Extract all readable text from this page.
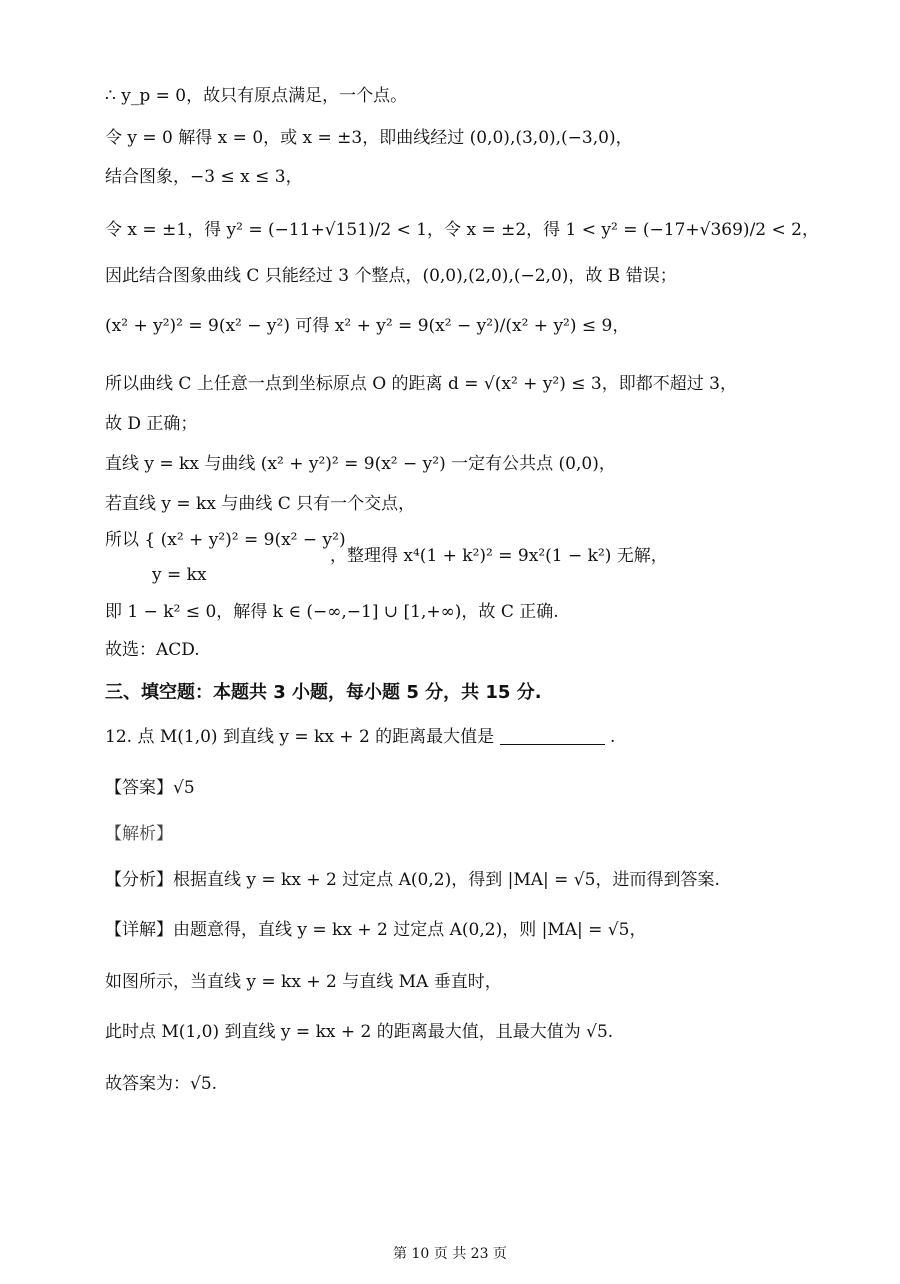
∴ y_p = 0，故只有原点满足，一个点。
令 y = 0 解得 x = 0，或 x = ±3，即曲线经过 (0,0),(3,0),(−3,0)，
结合图象，−3 ≤ x ≤ 3，
令 x = ±1，得 y² = (−11+√151)/2 < 1，令 x = ±2，得 1 < y² = (−17+√369)/2 < 2，
因此结合图象曲线 C 只能经过 3 个整点，(0,0),(2,0),(−2,0)，故 B 错误；
(x² + y²)² = 9(x² − y²) 可得 x² + y² = 9(x² − y²)/(x² + y²) ≤ 9，
所以曲线 C 上任意一点到坐标原点 O 的距离 d = √(x² + y²) ≤ 3，即都不超过 3，
故 D 正确；
直线 y = kx 与曲线 (x² + y²)² = 9(x² − y²) 一定有公共点 (0,0)，
若直线 y = kx 与曲线 C 只有一个交点，
所以 { (x² + y²)² = 9(x² − y²)
y = kx
，整理得 x⁴(1 + k²)² = 9x²(1 − k²) 无解，
即 1 − k² ≤ 0，解得 k ∈ (−∞,−1] ∪ [1,+∞)，故 C 正确.
故选：ACD.
三、填空题：本题共 3 小题，每小题 5 分，共 15 分.
12. 点 M(1,0) 到直线 y = kx + 2 的距离最大值是	.
【答案】√5
【解析】
【分析】根据直线 y = kx + 2 过定点 A(0,2)，得到 |MA| = √5，进而得到答案.
【详解】由题意得，直线 y = kx + 2 过定点 A(0,2)，则 |MA| = √5，
如图所示，当直线 y = kx + 2 与直线 MA 垂直时，
此时点 M(1,0) 到直线 y = kx + 2 的距离最大值，且最大值为 √5.
故答案为：√5.
第 10 页 共 23 页
